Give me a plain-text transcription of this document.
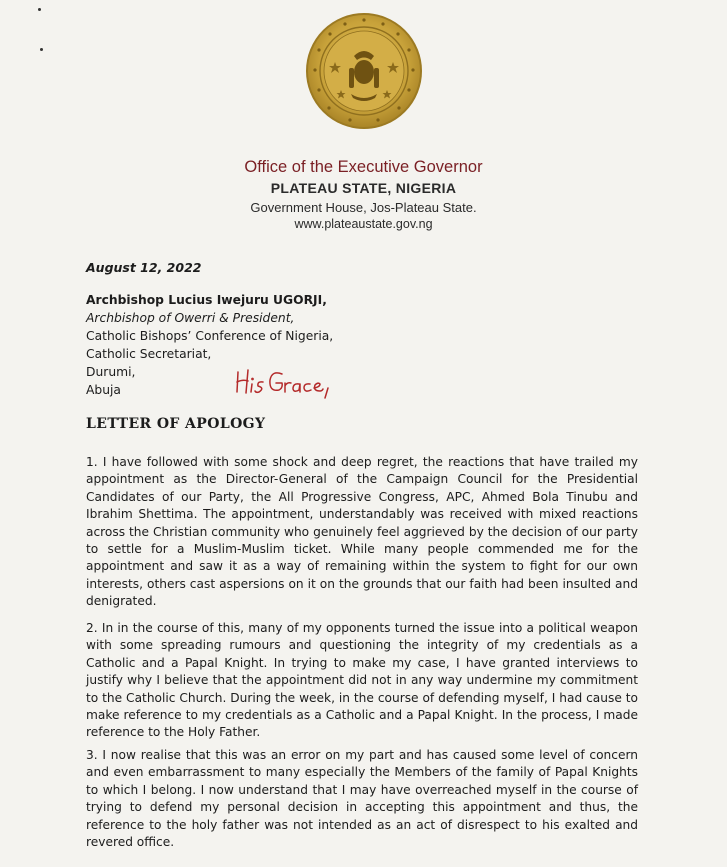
Office of the Executive Governor
PLATEAU STATE, NIGERIA
Government House, Jos-Plateau State.
www.plateaustate.gov.ng
August 12, 2022
Archbishop Lucius Iwejuru UGORJI,
Archbishop of Owerri & President,
Catholic Bishops’ Conference of Nigeria,
Catholic Secretariat,
Durumi,
Abuja
LETTER OF APOLOGY

1. I have followed with some shock and deep regret, the reactions that have trailed my appointment as the Director-General of the Campaign Council for the Presidential Candidates of our Party, the All Progressive Congress, APC, Ahmed Bola Tinubu and Ibrahim Shettima. The appointment, understandably was received with mixed reactions across the Christian community who genuinely feel aggrieved by the decision of our party to settle for a Muslim-Muslim ticket. While many people commended me for the appointment and saw it as a way of remaining within the system to fight for our own interests, others cast aspersions on it on the grounds that our faith had been insulted and denigrated.

2. In in the course of this, many of my opponents turned the issue into a political weapon with some spreading rumours and questioning the integrity of my credentials as a Catholic and a Papal Knight. In trying to make my case, I have granted interviews to justify why I believe that the appointment did not in any way undermine my commitment to the Catholic Church. During the week, in the course of defending myself, I had cause to make reference to my credentials as a Catholic and a Papal Knight. In the process, I made reference to the Holy Father.

3. I now realise that this was an error on my part and has caused some level of concern and even embarrassment to many especially the Members of the family of Papal Knights to which I belong. I now understand that I may have overreached myself in the course of trying to defend my personal decision in accepting this appointment and thus, the reference to the holy father was not intended as an act of disrespect to his exalted and revered office.
